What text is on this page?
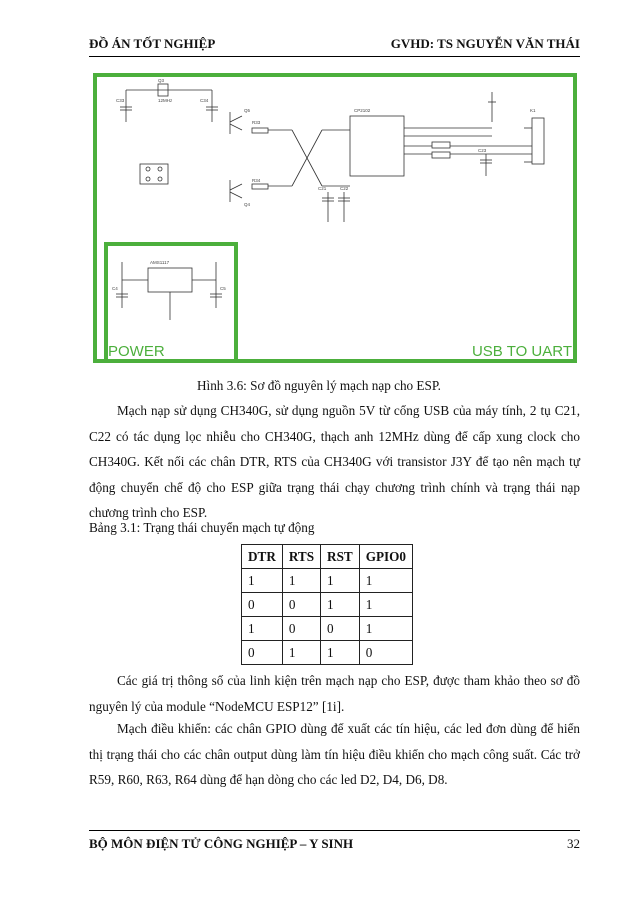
ĐỒ ÁN TỐT NGHIỆP	GVHD: TS NGUYỄN VĂN THÁI
C33
Q3
12MHz	C34
Q5
R33
CP2102
R34
Q4
C21	C22
K1
C23
AMS1117
C4	C5
POWER	USB TO UART
Hình 3.6: Sơ đồ nguyên lý mạch nạp cho ESP.

Mạch nạp sử dụng CH340G, sử dụng nguồn 5V từ cổng USB của máy tính, 2 tụ C21, C22 có tác dụng lọc nhiễu cho CH340G, thạch anh 12MHz dùng để cấp xung clock cho CH340G. Kết nối các chân DTR, RTS của CH340G với transistor J3Y để tạo nên mạch tự động chuyển chế độ cho ESP giữa trạng thái chạy chương trình chính và trạng thái nạp chương trình cho ESP.

Bảng 3.1: Trạng thái chuyển mạch tự động
DTR	RTS	RST	GPIO0
1	1	1	1
0	0	1	1
1	0	0	1
0	1	1	0

Các giá trị thông số của linh kiện trên mạch nạp cho ESP, được tham khảo theo sơ đồ nguyên lý của module “NodeMCU ESP12” [1i].

Mạch điều khiển: các chân GPIO dùng để xuất các tín hiệu, các led đơn dùng để hiển thị trạng thái cho các chân output dùng làm tín hiệu điều khiển cho mạch công suất. Các trở R59, R60, R63, R64 dùng để hạn dòng cho các led D2, D4, D6, D8.

BỘ MÔN ĐIỆN TỬ CÔNG NGHIỆP – Y SINH	32
